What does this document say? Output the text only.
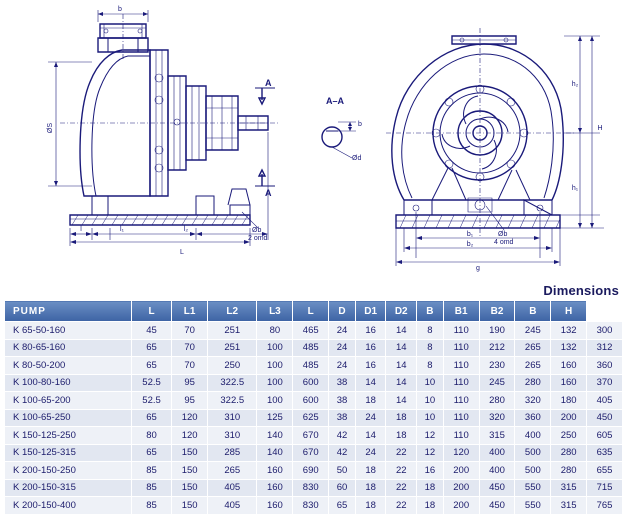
A
A
b
ØS
l	l₁	l₂
L
Øb
2 omd
A–A
b
Ød
h₂
H
h₁
b₁
b₂
g
Øb
4 omd
Dimensions
PUMP	L	L1	L2	L3	L	D	D1	D2	B	B1	B2	B	H	
K 65-50-160	45	70	251	80	465	24	16	14	8	110	190	245	132	300
K 80-65-160	65	70	251	100	485	24	16	14	8	110	212	265	132	312
K 80-50-200	65	70	250	100	485	24	16	14	8	110	230	265	160	360
K 100-80-160	52.5	95	322.5	100	600	38	14	14	10	110	245	280	160	370
K 100-65-200	52.5	95	322.5	100	600	38	18	14	10	110	280	320	180	405
K 100-65-250	65	120	310	125	625	38	24	18	10	110	320	360	200	450
K 150-125-250	80	120	310	140	670	42	14	18	12	110	315	400	250	605
K 150-125-315	65	150	285	140	670	42	24	22	12	120	400	500	280	635
K 200-150-250	85	150	265	160	690	50	18	22	16	200	400	500	280	655
K 200-150-315	85	150	405	160	830	60	18	22	18	200	450	550	315	715
K 200-150-400	85	150	405	160	830	65	18	22	18	200	450	550	315	765
